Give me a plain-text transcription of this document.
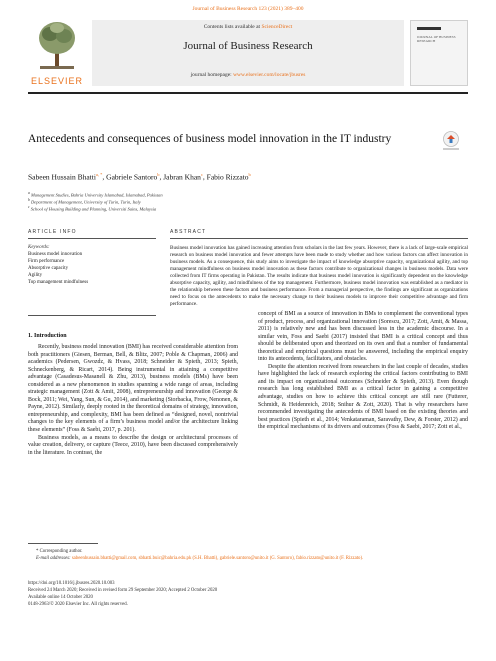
Journal of Business Research 123 (2021) 389–400
ELSEVIER
Contents lists available at ScienceDirect
Journal of Business Research
journal homepage: www.elsevier.com/locate/jbusres
JOURNAL OF BUSINESS RESEARCH
Antecedents and consequences of business model innovation in the IT industry
Sabeen Hussain Bhatti$^{a, *}$, Gabriele Santoro$^b$, Jabran Khan$^c$, Fabio Rizzato$^b$
$^a$ Management Studies, Bahria University Islamabad, Islamabad, Pakistan
$^b$ Department of Management, University of Turin, Turin, Italy
$^c$ School of Housing Building and Planning, Universiti Sains, Malaysia
ARTICLE INFO	ABSTRACT
Keywords:
Business model innovation
Firm performance
Absorptive capacity
Agility
Top management mindfulness
Business model innovation has gained increasing attention from scholars in the last few years. However, there is a lack of large-scale empirical research on business model innovation and fewer attempts have been made to study whether and how various factors can affect innovation in business models. As a consequence, this study aims to investigate the impact of knowledge absorptive capacity, organizational agility, and top management mindfulness on business model innovation as these factors contribute to organizational changes in business models. Data were collected from IT firms operating in Pakistan. The results indicate that business model innovation is significantly dependent on the knowledge absorptive capacity, agility, and mindfulness of the top management. Furthermore, business model innovation was established as a mediator in the relationship between these factors and business performance. From a managerial perspective, the findings are significant as organizations need to focus on the antecedents to make the necessary change to their business models to improve their competitive advantage and firm performance.
1. Introduction

Recently, business model innovation (BMI) has received considerable attention from both practitioners (Giesen, Berman, Bell, & Blitz, 2007; Poble & Chapman, 2006) and academics (Pedersen, Gwozdz, & Hvass, 2018; Schneider & Spieth, 2013; Spieth, Schneckenberg, & Ricart, 2014). Being instrumental in attaining a competitive advantage (Casadesus-Masanell & Zhu, 2013), business models (BMs) have been considered as a new phenomenon in studies spanning a wide range of areas, including strategic management (Zott & Amit, 2008), entrepreneurship and innovation (George & Bock, 2011; Wei, Yang, Sun, & Gu, 2014), and marketing (Storbacka, Frow, Nenonen, & Payne, 2012). Similarly, deeply rooted in the theoretical domains of strategy, innovation, entrepreneurship, and complexity, BMI has been defined as “designed, novel, nontrivial changes to the key elements of a firm’s business model and/or the architecture linking these elements” (Foss & Saebi, 2017, p. 201).

Business models, as a means to describe the design or architectural processes of value creation, delivery, or capture (Teece, 2010), have been discussed comprehensively in the literature. In contrast, the

concept of BMI as a source of innovation in BMs to complement the conventional types of product, process, and organizational innovation (Sorescu, 2017; Zott, Amit, & Massa, 2011) is relatively new and has been discussed less in the academic discourse. In a similar vein, Foss and Saebi (2017) insisted that BMI is a critical concept and thus should be deliberated upon and theorized on its own and that a number of fundamental theoretical and empirical questions must be answered, including the empirical enquiry into its antecedents, facilitators, and obstacles.

Despite the attention received from researchers in the last couple of decades, studies have highlighted the lack of research exploring the critical factors contributing to BMI and its impact on organizational outcomes (Schneider & Spieth, 2013). Even though research has long established BMI as a critical factor in gaining a competitive advantage, studies on how to achieve this critical concept are still rare (Futterer, Schmidt, & Heidenreich, 2018; Snihur & Zott, 2020). That is why researchers have recommended investigating the antecedents of BMI based on the existing theories and best practices (Spieth et al., 2014; Venkataraman, Saravathy, Dew, & Forster, 2012) and the empirical mechanisms of its drivers and outcomes (Foss & Saebi, 2017; Zott et al.,

* Corresponding author.
E-mail addresses: sabeenhussain.bhatti@gmail.com, sbhatti.buic@bahria.edu.pk (S.H. Bhatti), gabriele.santoro@unito.it (G. Santoro), fabio.rizzato@unito.it (F. Rizzato).
https://doi.org/10.1016/j.jbusres.2020.10.003
Received 24 March 2020; Received in revised form 29 September 2020; Accepted 2 October 2020
Available online 14 October 2020
0148-2963/© 2020 Elsevier Inc. All rights reserved.
